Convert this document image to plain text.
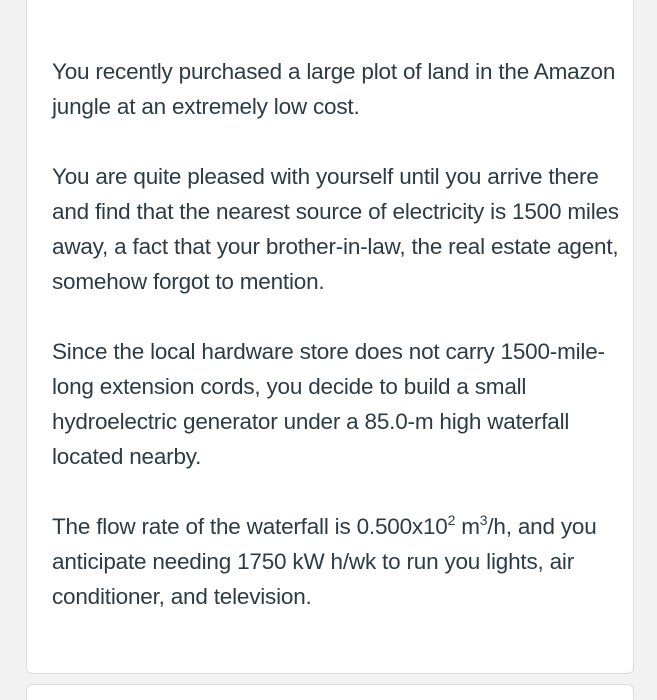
You recently purchased a large plot of land in the Amazon jungle at an extremely low cost.

You are quite pleased with yourself until you arrive there and find that the nearest source of electricity is 1500 miles away, a fact that your brother-in-law, the real estate agent, somehow forgot to mention.

Since the local hardware store does not carry 1500-mile-long extension cords, you decide to build a small hydroelectric generator under a 85.0-m high waterfall located nearby.

The flow rate of the waterfall is $0.500x10^2$ $m^3/h$, and you anticipate needing 1750 kW h/wk to run you lights, air conditioner, and television.
